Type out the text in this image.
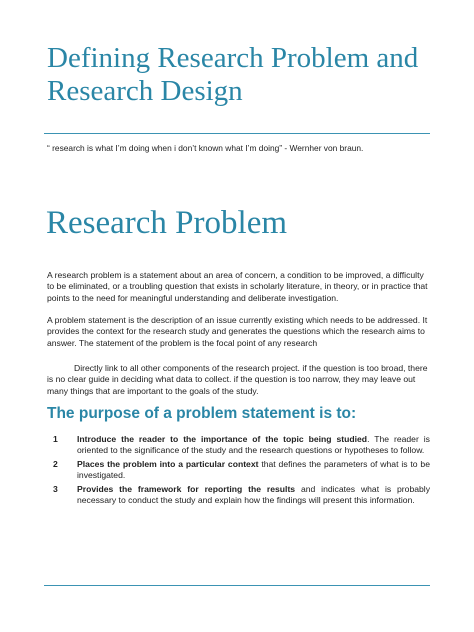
Defining Research Problem and Research Design
“ research is what I’m doing when i don’t known what I’m doing” - Wernher von braun.
Research Problem

A research problem is a statement about an area of concern, a condition to be improved, a difficulty to be eliminated, or a troubling question that exists in scholarly literature, in theory, or in practice that points to the need for meaningful understanding and deliberate investigation.

A problem statement is the description of an issue currently existing which needs to be addressed. It provides the context for the research study and generates the questions which the research aims to answer. The statement of the problem is the focal point of any research

Directly link to all other components of the research project. if the question is too broad, there is no clear guide in deciding what data to collect. if the question is too narrow, they may leave out many things that are important to the goals of the study.

The purpose of a problem statement is to:
1	Introduce the reader to the importance of the topic being studied. The reader is oriented to the significance of the study and the research questions or hypotheses to follow.
2	Places the problem into a particular context that defines the parameters of what is to be investigated.
3	Provides the framework for reporting the results and indicates what is probably necessary to conduct the study and explain how the findings will present this information.
